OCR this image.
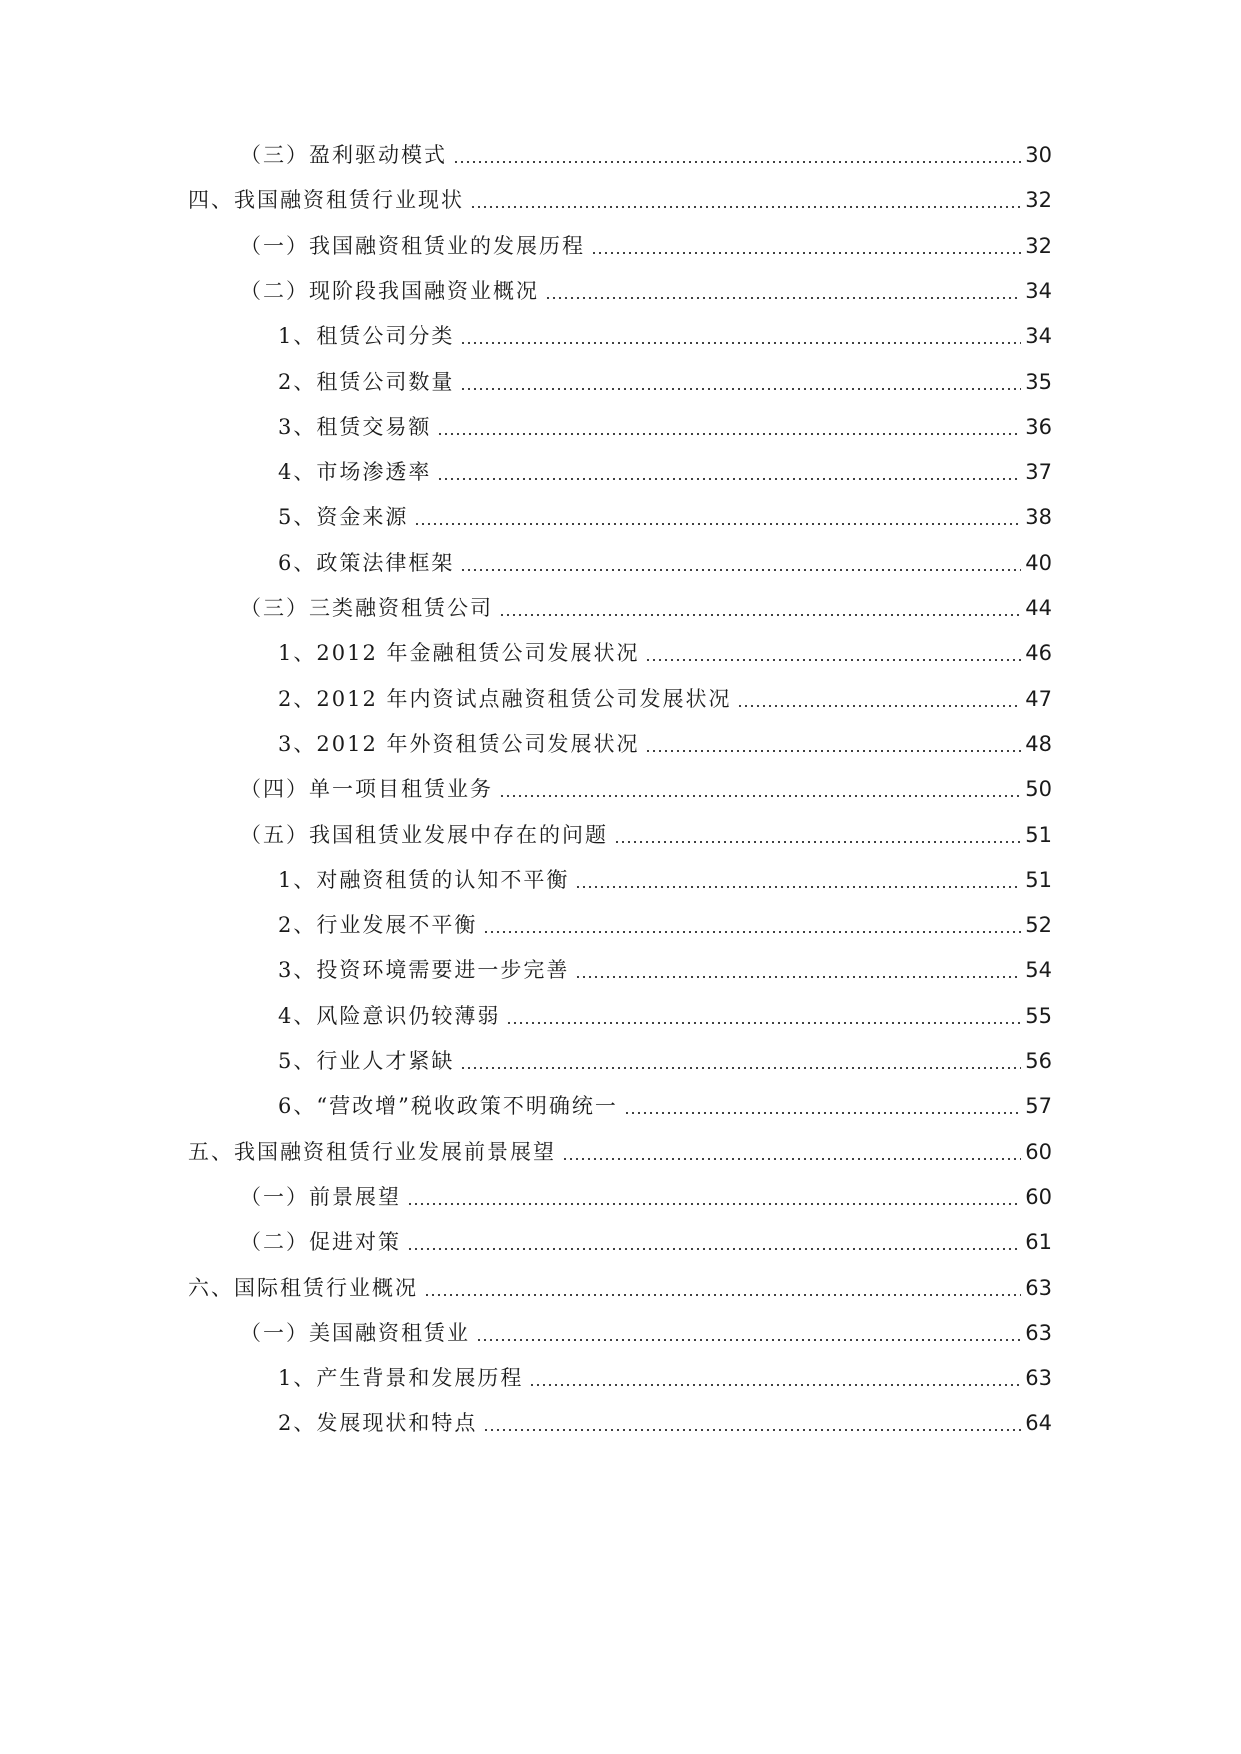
（三）盈利驱动模式	30
四、我国融资租赁行业现状	32
（一）我国融资租赁业的发展历程	32
（二）现阶段我国融资业概况	34
1、租赁公司分类	34
2、租赁公司数量	35
3、租赁交易额	36
4、市场渗透率	37
5、资金来源	38
6、政策法律框架	40
（三）三类融资租赁公司	44
1、2012 年金融租赁公司发展状况	46
2、2012 年内资试点融资租赁公司发展状况	47
3、2012 年外资租赁公司发展状况	48
（四）单一项目租赁业务	50
（五）我国租赁业发展中存在的问题	51
1、对融资租赁的认知不平衡	51
2、行业发展不平衡	52
3、投资环境需要进一步完善	54
4、风险意识仍较薄弱	55
5、行业人才紧缺	56
6、“营改增”税收政策不明确统一	57
五、我国融资租赁行业发展前景展望	60
（一）前景展望	60
（二）促进对策	61
六、国际租赁行业概况	63
（一）美国融资租赁业	63
1、产生背景和发展历程	63
2、发展现状和特点	64
